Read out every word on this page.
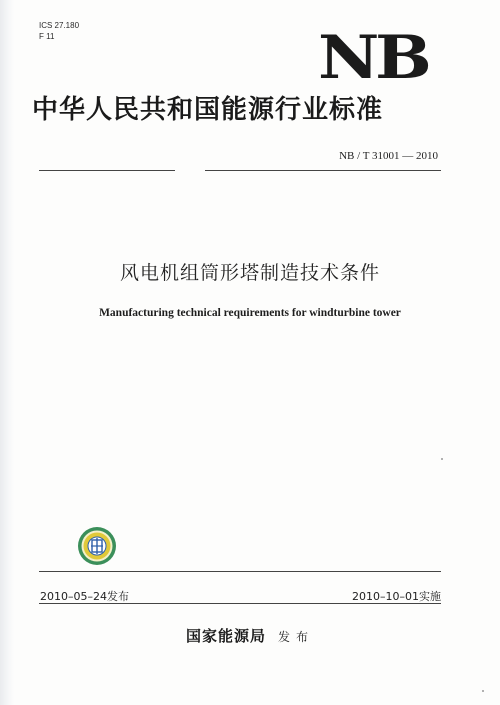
ICS 27.180
F 11	NB
中华人民共和国能源行业标准
NB / T 31001 — 2010
风电机组筒形塔制造技术条件
Manufacturing technical requirements for windturbine tower
2010–05–24发布	2010–10–01实施
国家能源局 发布
